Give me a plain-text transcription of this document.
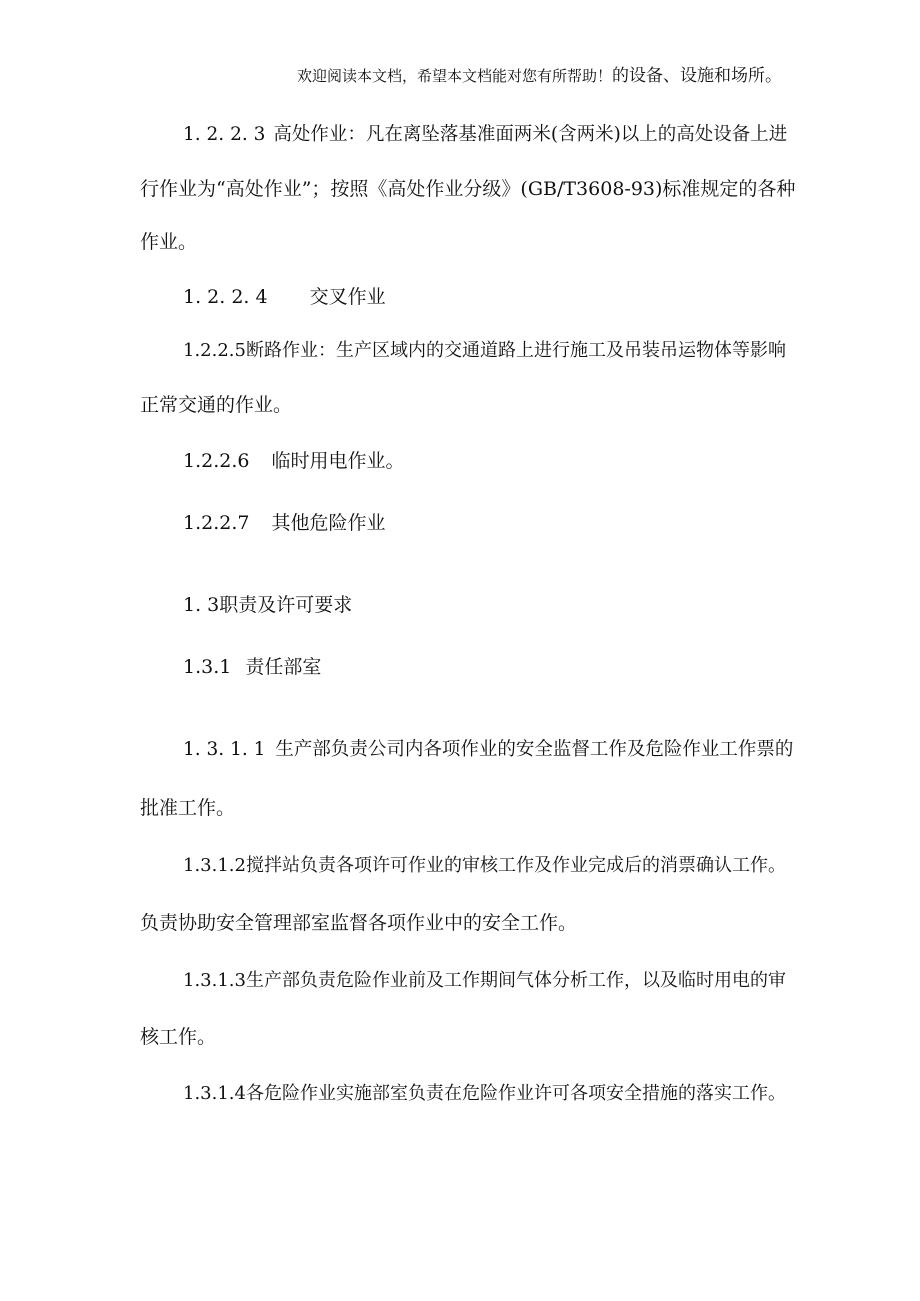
欢迎阅读本文档，希望本文档能对您有所帮助！的设备、设施和场所。
1. 2. 2. 3 高处作业：凡在离坠落基准面两米(含两米)以上的高处设备上进
行作业为“高处作业”；按照《高处作业分级》(GB/T3608-93)标准规定的各种
作业。
1. 2. 2. 4 交叉作业
1.2.2.5断路作业：生产区域内的交通道路上进行施工及吊装吊运物体等影响
正常交通的作业。
1.2.2.6 临时用电作业。
1.2.2.7 其他危险作业
1. 3职责及许可要求
1.3.1 责任部室
1. 3. 1. 1 生产部负责公司内各项作业的安全监督工作及危险作业工作票的
批准工作。
1.3.1.2搅拌站负责各项许可作业的审核工作及作业完成后的消票确认工作。
负责协助安全管理部室监督各项作业中的安全工作。
1.3.1.3生产部负责危险作业前及工作期间气体分析工作，以及临时用电的审
核工作。
1.3.1.4各危险作业实施部室负责在危险作业许可各项安全措施的落实工作。
